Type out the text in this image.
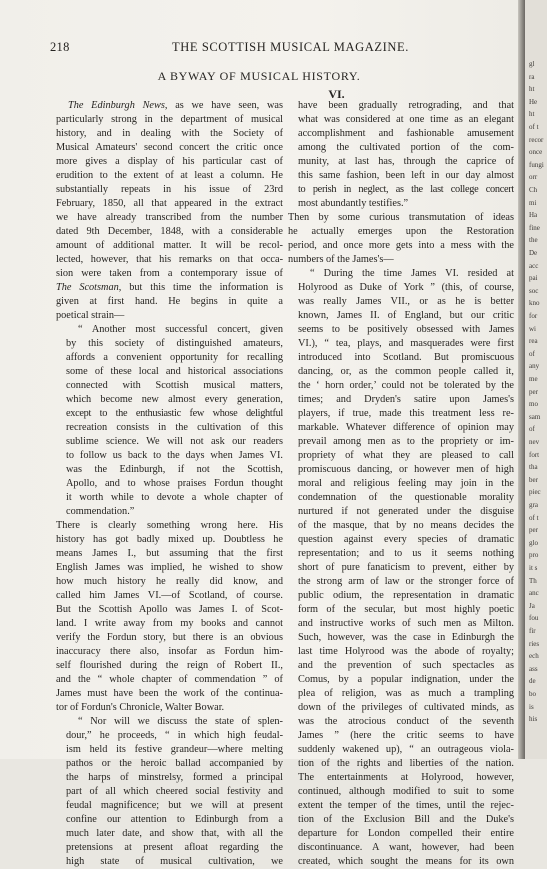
218	THE SCOTTISH MUSICAL MAGAZINE.
A BYWAY OF MUSICAL HISTORY.
VI.
The Edinburgh News, as we have seen, was
particularly strong in the department of musical
history, and in dealing with the Society of
Musical Amateurs' second concert the critic once
more gives a display of his particular cast of
erudition to the extent of at least a column. He
substantially repeats in his issue of 23rd
February, 1850, all that appeared in the extract
we have already transcribed from the number
dated 9th December, 1848, with a considerable
amount of additional matter. It will be recol-
lected, however, that his remarks on that occa-
sion were taken from a contemporary issue of
The Scotsman, but this time the information is
given at first hand. He begins in quite a
poetical strain—
“ Another most successful concert, given
by this society of distinguished amateurs,
affords a convenient opportunity for recalling
some of these local and historical associations
connected with Scottish musical matters,
which become new almost every generation,
except to the enthusiastic few whose delightful
recreation consists in the cultivation of this
sublime science. We will not ask our readers
to follow us back to the days when James VI.
was the Edinburgh, if not the Scottish,
Apollo, and to whose praises Fordun thought
it worth while to devote a whole chapter of
commendation.”
There is clearly something wrong here. His
history has got badly mixed up. Doubtless he
means James I., but assuming that the first
English James was implied, he wished to show
how much history he really did know, and
called him James VI.—of Scotland, of course.
But the Scottish Apollo was James I. of Scot-
land. I write away from my books and cannot
verify the Fordun story, but there is an obvious
inaccuracy there also, insofar as Fordun him-
self flourished during the reign of Robert II.,
and the “ whole chapter of commendation ” of
James must have been the work of the continua-
tor of Fordun's Chronicle, Walter Bowar.
“ Nor will we discuss the state of splen-
dour,” he proceeds, “ in which high feudal-
ism held its festive grandeur—where melting
pathos or the heroic ballad accompanied by
the harps of minstrelsy, formed a principal
part of all which cheered social festivity and
feudal magnificence; but we will at present
confine our attention to Edinburgh from a
much later date, and show that, with all the
pretensions at present afloat regarding the
high state of musical cultivation, we
have been gradually retrograding, and that
what was considered at one time as an elegant
accomplishment and fashionable amusement
among the cultivated portion of the com-
munity, at last has, through the caprice of
this same fashion, been left in our day almost
to perish in neglect, as the last college concert
most abundantly testifies.”
Then by some curious transmutation of ideas
he actually emerges upon the Restoration
period, and once more gets into a mess with the
numbers of the James's—
“ During the time James VI. resided at
Holyrood as Duke of York ” (this, of course,
was really James VII., or as he is better
known, James II. of England, but our critic
seems to be positively obsessed with James
VI.), “ tea, plays, and masquerades were first
introduced into Scotland. But promiscuous
dancing, or, as the common people called it,
the ‘ horn order,’ could not be tolerated by the
times; and Dryden's satire upon James's
players, if true, made this treatment less re-
markable. Whatever difference of opinion may
prevail among men as to the propriety or im-
propriety of what they are pleased to call
promiscuous dancing, or however men of high
moral and religious feeling may join in the
condemnation of the questionable morality
nurtured if not generated under the disguise
of the masque, that by no means decides the
question against every species of dramatic
representation; and to us it seems nothing
short of pure fanaticism to prevent, either by
the strong arm of law or the stronger force of
public odium, the representation in dramatic
form of the secular, but most highly poetic
and instructive works of such men as Milton.
Such, however, was the case in Edinburgh the
last time Holyrood was the abode of royalty;
and the prevention of such spectacles as
Comus, by a popular indignation, under the
plea of religion, was as much a trampling
down of the privileges of cultivated minds, as
was the atrocious conduct of the seventh
James ” (here the critic seems to have
suddenly wakened up), “ an outrageous viola-
tion of the rights and liberties of the nation.
The entertainments at Holyrood, however,
continued, although modified to suit to some
extent the temper of the times, until the rejec-
tion of the Exclusion Bill and the Duke's
departure for London compelled their entire
discontinuance. A want, however, had been
created, which sought the means for its own
gl
ra
ht
He
ht
of t
recor
once
fungi
orr
Ch
mi
Ha
fine
the
De
acc
pai
soc
kno
for
wi
rea
of
any
me
per
mo
sam
of
nev
fort
tha
ber
piec
gra
of t
per
glo
pro
it s
Th
anc
Ja
fou
fir
ries
ech
ass
de
bo
is
his
